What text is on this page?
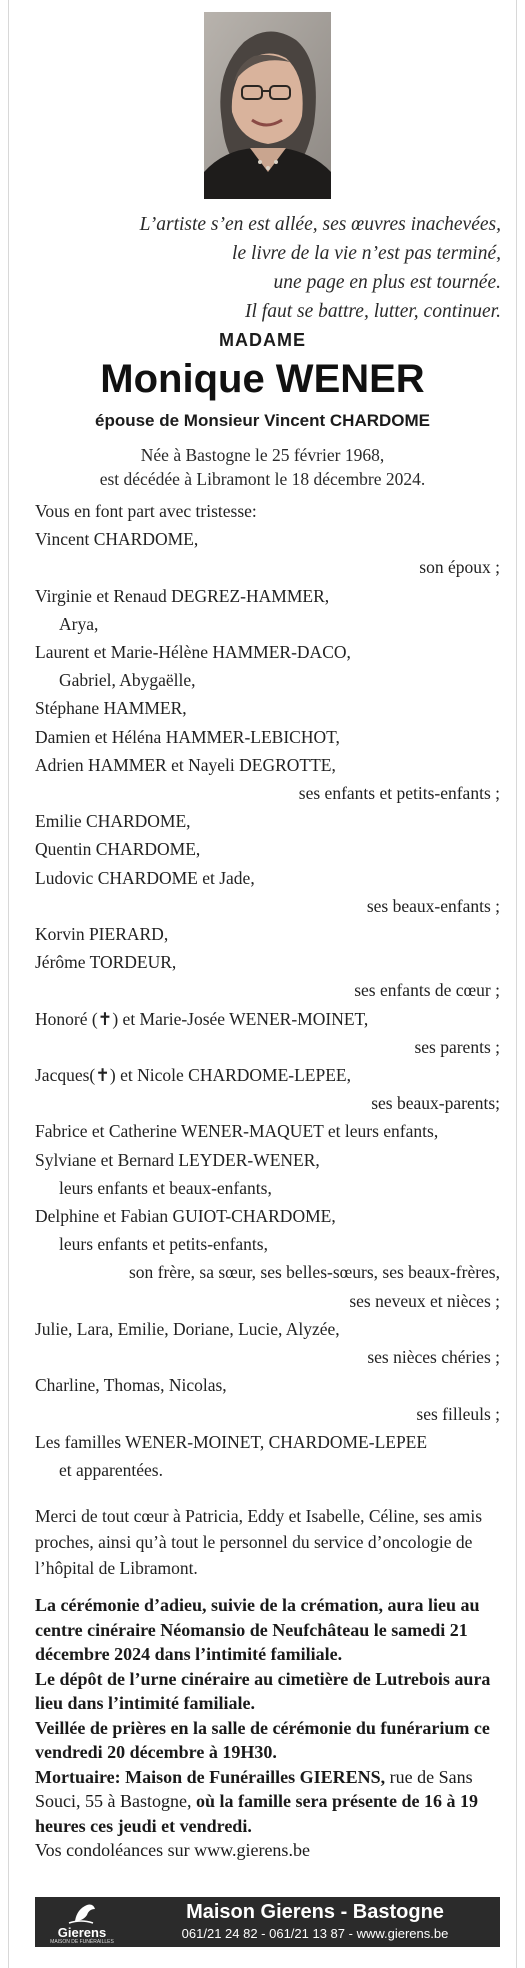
L’artiste s’en est allée, ses œuvres inachevées,
le livre de la vie n’est pas terminé,
une page en plus est tournée.
Il faut se battre, lutter, continuer.
MADAME
Monique WENER
épouse de Monsieur Vincent CHARDOME
Née à Bastogne le 25 février 1968,
est décédée à Libramont le 18 décembre 2024.
Vous en font part avec tristesse:
Vincent CHARDOME,
son époux ;
Virginie et Renaud DEGREZ-HAMMER,
Arya,
Laurent et Marie-Hélène HAMMER-DACO,
Gabriel, Abygaëlle,
Stéphane HAMMER,
Damien et Héléna HAMMER-LEBICHOT,
Adrien HAMMER et Nayeli DEGROTTE,
ses enfants et petits-enfants ;
Emilie CHARDOME,
Quentin CHARDOME,
Ludovic CHARDOME et Jade,
ses beaux-enfants ;
Korvin PIERARD,
Jérôme TORDEUR,
ses enfants de cœur ;
Honoré (✝) et Marie-Josée WENER-MOINET,
ses parents ;
Jacques(✝) et Nicole CHARDOME-LEPEE,
ses beaux-parents;
Fabrice et Catherine WENER-MAQUET et leurs enfants,
Sylviane et Bernard LEYDER-WENER,
leurs enfants et beaux-enfants,
Delphine et Fabian GUIOT-CHARDOME,
leurs enfants et petits-enfants,
son frère, sa sœur, ses belles-sœurs, ses beaux-frères,
ses neveux et nièces ;
Julie, Lara, Emilie, Doriane, Lucie, Alyzée,
ses nièces chéries ;
Charline, Thomas, Nicolas,
ses filleuls ;
Les familles WENER-MOINET, CHARDOME-LEPEE
et apparentées.
Merci de tout cœur à Patricia, Eddy et Isabelle, Céline, ses amis proches, ainsi qu’à tout le personnel du service d’oncologie de l’hôpital de Libramont.
La cérémonie d’adieu, suivie de la crémation, aura lieu au centre cinéraire Néomansio de Neufchâteau le samedi 21 décembre 2024 dans l’intimité familiale.
Le dépôt de l’urne cinéraire au cimetière de Lutrebois aura lieu dans l’intimité familiale.
Veillée de prières en la salle de cérémonie du funérarium ce vendredi 20 décembre à 19H30.
Mortuaire: Maison de Funérailles GIERENS, rue de Sans Souci, 55 à Bastogne, où la famille sera présente de 16 à 19 heures ces jeudi et vendredi.
Vos condoléances sur www.gierens.be
Gierens
MAISON DE FUNÉRAILLES
Maison Gierens - Bastogne
061/21 24 82 - 061/21 13 87 - www.gierens.be
